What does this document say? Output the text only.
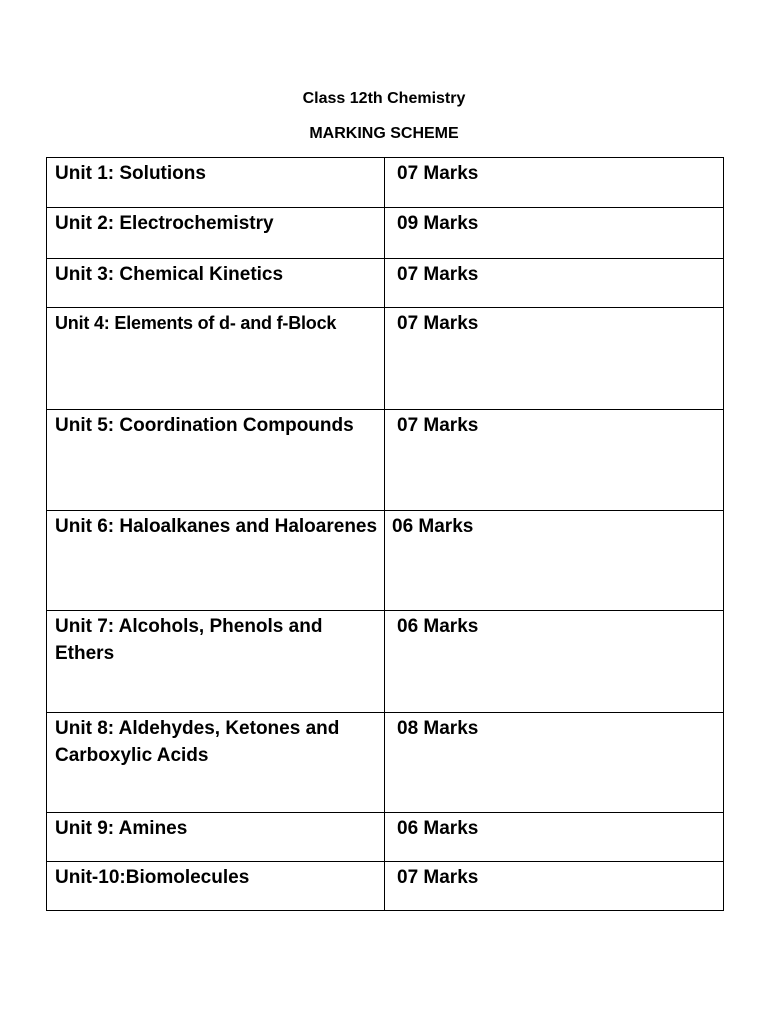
Class 12th Chemistry
MARKING SCHEME
Unit 1: Solutions	07 Marks
Unit 2: Electrochemistry	09 Marks
Unit 3: Chemical Kinetics	07 Marks
Unit 4: Elements of d- and f-Block	07 Marks
Unit 5: Coordination Compounds	07 Marks
Unit 6: Haloalkanes and Haloarenes	06 Marks
Unit 7: Alcohols, Phenols and Ethers	06 Marks
Unit 8: Aldehydes, Ketones and Carboxylic Acids	08 Marks
Unit 9: Amines	06 Marks
Unit-10:Biomolecules	07 Marks
